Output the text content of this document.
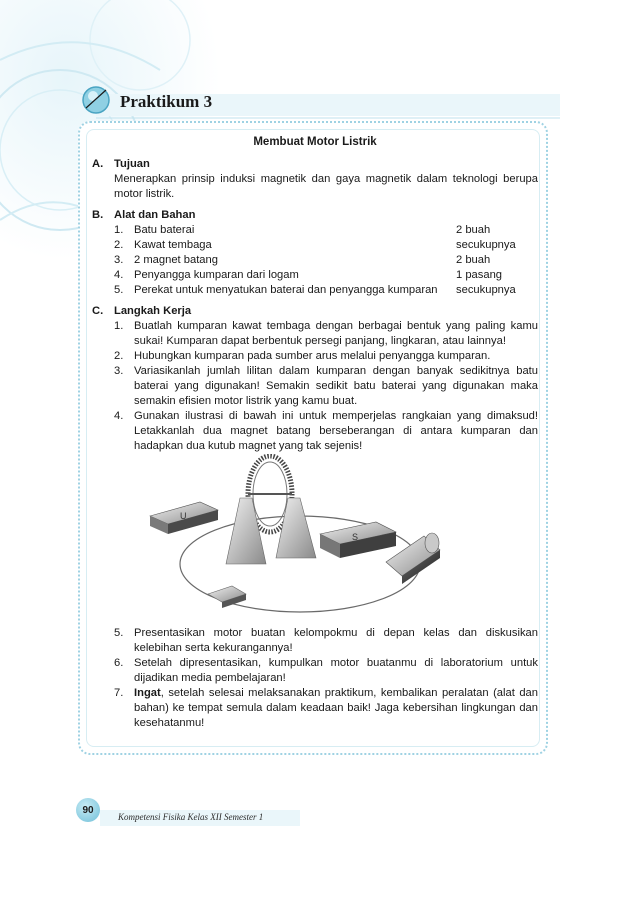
Praktikum 3
Membuat Motor Listrik
A. Tujuan
Menerapkan prinsip induksi magnetik dan gaya magnetik dalam teknologi berupa motor listrik.
B. Alat dan Bahan
1. Batu baterai	2 buah
2. Kawat tembaga	secukupnya
3. 2 magnet batang	2 buah
4. Penyangga kumparan dari logam	1 pasang
5. Perekat untuk menyatukan baterai dan penyangga kumparan	secukupnya
C. Langkah Kerja
1. Buatlah kumparan kawat tembaga dengan berbagai bentuk yang paling kamu sukai! Kumparan dapat berbentuk persegi panjang, lingkaran, atau lainnya!
2. Hubungkan kumparan pada sumber arus melalui penyangga kumparan.
3. Variasikanlah jumlah lilitan dalam kumparan dengan banyak sedikitnya batu baterai yang digunakan! Semakin sedikit batu baterai yang digunakan maka semakin efisien motor listrik yang kamu buat.
4. Gunakan ilustrasi di bawah ini untuk memperjelas rangkaian yang dimaksud! Letakkanlah dua magnet batang berseberangan di antara kumparan dan hadapkan dua kutub magnet yang tak sejenis!
U
S
5. Presentasikan motor buatan kelompokmu di depan kelas dan diskusikan kelebihan serta kekurangannya!
6. Setelah dipresentasikan, kumpulkan motor buatanmu di laboratorium untuk dijadikan media pembelajaran!
7. Ingat, setelah selesai melaksanakan praktikum, kembalikan peralatan (alat dan bahan) ke tempat semula dalam keadaan baik! Jaga kebersihan lingkungan dan kesehatanmu!
90
Kompetensi Fisika Kelas XII Semester 1
